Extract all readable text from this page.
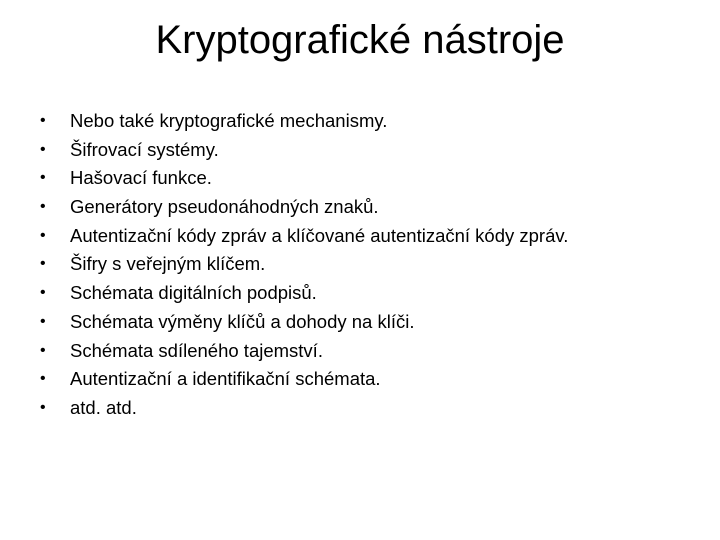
Kryptografické nástroje
•	Nebo také kryptografické mechanismy.
•	Šifrovací systémy.
•	Hašovací funkce.
•	Generátory pseudonáhodných znaků.
•	Autentizační kódy zpráv a klíčované autentizační kódy zpráv.
•	Šifry s veřejným klíčem.
•	Schémata digitálních podpisů.
•	Schémata výměny klíčů a dohody na klíči.
•	Schémata sdíleného tajemství.
•	Autentizační a identifikační schémata.
•	atd. atd.
